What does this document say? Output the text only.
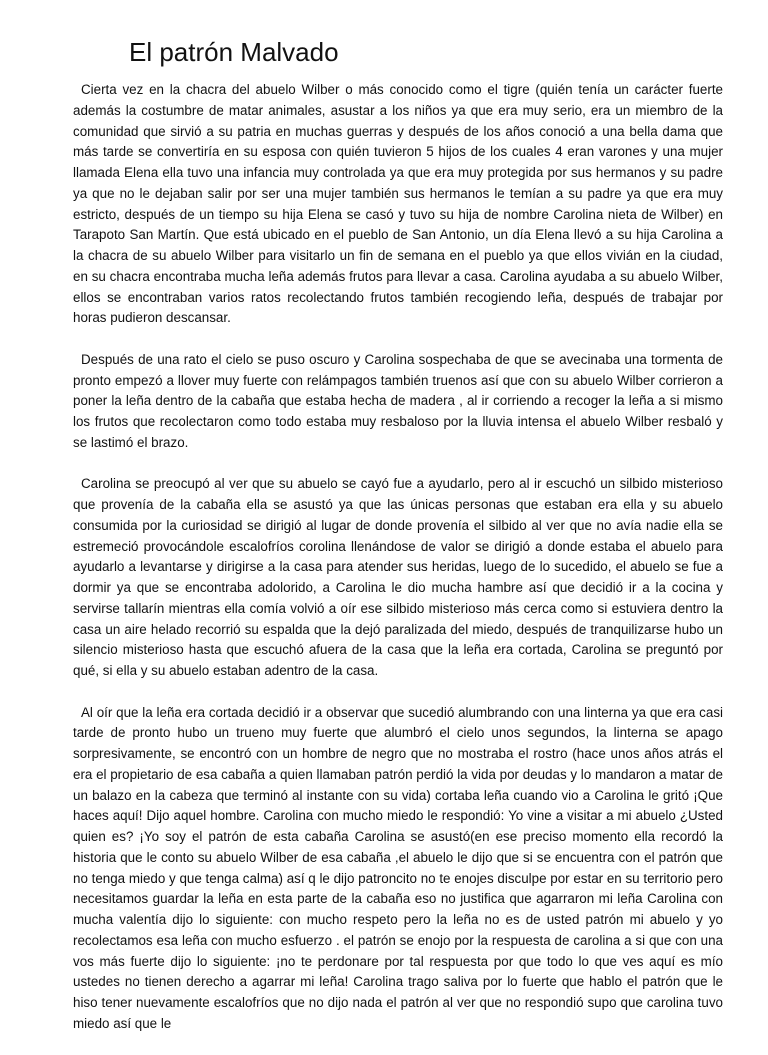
El patrón Malvado

Cierta vez en la chacra del abuelo Wilber o más conocido como el tigre (quién tenía un carácter fuerte además la costumbre de matar animales, asustar a los niños ya que era muy serio, era un miembro de la comunidad que sirvió a su patria en muchas guerras y después de los años conoció a una bella dama que más tarde se convertiría en su esposa con quién tuvieron 5 hijos de los cuales 4 eran varones y una mujer llamada Elena ella tuvo una infancia muy controlada ya que era muy protegida por sus hermanos y su padre ya que no le dejaban salir por ser una mujer también sus hermanos le temían a su padre ya que era muy estricto, después de un tiempo su hija Elena se casó y tuvo su hija de nombre Carolina nieta de Wilber) en Tarapoto San Martín. Que está ubicado en el pueblo de San Antonio, un día Elena llevó a su hija Carolina a la chacra de su abuelo Wilber para visitarlo un fin de semana en el pueblo ya que ellos vivián en la ciudad, en su chacra encontraba mucha leña además frutos para llevar a casa. Carolina ayudaba a su abuelo Wilber, ellos se encontraban varios ratos recolectando frutos también recogiendo leña, después de trabajar por horas pudieron descansar.

Después de una rato el cielo se puso oscuro y Carolina sospechaba de que se avecinaba una tormenta de pronto empezó a llover muy fuerte con relámpagos también truenos así que con su abuelo Wilber corrieron a poner la leña dentro de la cabaña que estaba hecha de madera , al ir corriendo a recoger la leña a si mismo los frutos que recolectaron como todo estaba muy resbaloso por la lluvia intensa el abuelo Wilber resbaló y se lastimó el brazo.

Carolina se preocupó al ver que su abuelo se cayó fue a ayudarlo, pero al ir escuchó un silbido misterioso que provenía de la cabaña ella se asustó ya que las únicas personas que estaban era ella y su abuelo consumida por la curiosidad se dirigió al lugar de donde provenía el silbido al ver que no avía nadie ella se estremeció provocándole escalofríos corolina llenándose de valor se dirigió a donde estaba el abuelo para ayudarlo a levantarse y dirigirse a la casa para atender sus heridas, luego de lo sucedido, el abuelo se fue a dormir ya que se encontraba adolorido, a Carolina le dio mucha hambre así que decidió ir a la cocina y servirse tallarín mientras ella comía volvió a oír ese silbido misterioso más cerca como si estuviera dentro la casa un aire helado recorrió su espalda que la dejó paralizada del miedo, después de tranquilizarse hubo un silencio misterioso hasta que escuchó afuera de la casa que la leña era cortada, Carolina se preguntó por qué, si ella y su abuelo estaban adentro de la casa.

Al oír que la leña era cortada decidió ir a observar que sucedió alumbrando con una linterna ya que era casi tarde de pronto hubo un trueno muy fuerte que alumbró el cielo unos segundos, la linterna se apago sorpresivamente, se encontró con un hombre de negro que no mostraba el rostro (hace unos años atrás el era el propietario de esa cabaña a quien llamaban patrón perdió la vida por deudas y lo mandaron a matar de un balazo en la cabeza que terminó al instante con su vida) cortaba leña cuando vio a Carolina le gritó ¡Que haces aquí! Dijo aquel hombre. Carolina con mucho miedo le respondió: Yo vine a visitar a mi abuelo ¿Usted quien es? ¡Yo soy el patrón de esta cabaña Carolina se asustó(en ese preciso momento ella recordó la historia que le conto su abuelo Wilber de esa cabaña ,el abuelo le dijo que si se encuentra con el patrón que no tenga miedo y que tenga calma) así q le dijo patroncito no te enojes disculpe por estar en su territorio pero necesitamos guardar la leña en esta parte de la cabaña eso no justifica que agarraron mi leña Carolina con mucha valentía dijo lo siguiente: con mucho respeto pero la leña no es de usted patrón mi abuelo y yo recolectamos esa leña con mucho esfuerzo . el patrón se enojo por la respuesta de carolina a si que con una vos más fuerte dijo lo siguiente: ¡no te perdonare por tal respuesta por que todo lo que ves aquí es mío ustedes no tienen derecho a agarrar mi leña! Carolina trago saliva por lo fuerte que hablo el patrón que le hiso tener nuevamente escalofríos que no dijo nada el patrón al ver que no respondió supo que carolina tuvo miedo así que le
